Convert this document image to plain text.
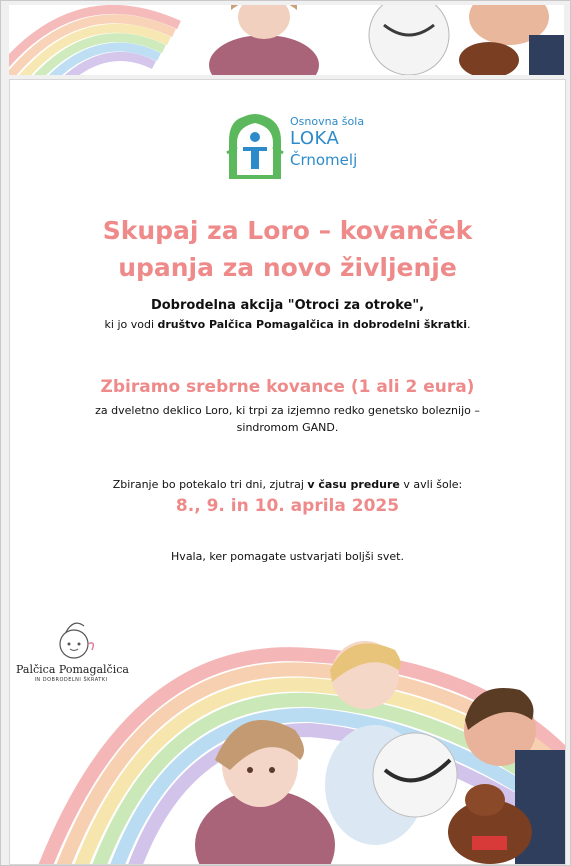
Osnovna šola
LOKA
Črnomelj
Skupaj za Loro – kovanček
upanja za novo življenje
Dobrodelna akcija "Otroci za otroke",
ki jo vodi društvo Palčica Pomagalčica in dobrodelni škratki.
Zbiramo srebrne kovance (1 ali 2 eura)
za dveletno deklico Loro, ki trpi za izjemno redko genetsko boleznijo –
sindromom GAND.
Zbiranje bo potekalo tri dni, zjutraj v času predure v avli šole:
8., 9. in 10. aprila 2025
Hvala, ker pomagate ustvarjati boljši svet.
Palčica Pomagalčica
IN DOBRODELNI ŠKRATKI
